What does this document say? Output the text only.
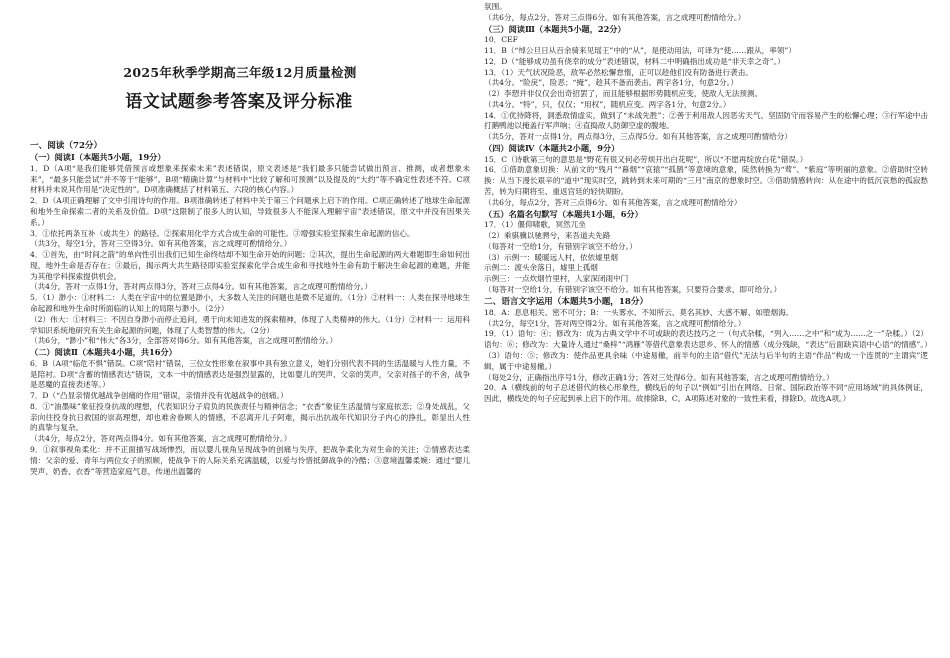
2025年秋季学期高三年级12月质量检测
语文试题参考答案及评分标准

一、阅读（72分）

（一）阅读Ⅰ（本题共5小题，19分）

1．D（A项“是我们能够凭借预言或想象来探索未来”表述错误，原文表述是“我们最多只能尝试做出预言、推测，或者想象未来”，“最多只能尝试”并不等于“能够”。B项“精确计算”与材料中“比较了解和可预测”以及提及的“大约”等不确定性表述不符。C项材料并未说其作用是“决定性的”。D项准确概括了材料第五、六段的核心内容。）

2．D（A项正确理解了文中引用诗句的作用。B项准确转述了材料中关于第三个问题承上启下的作用。C项正确转述了地球生命起源和地外生命探索二者的关系及价值。D项“这限制了很多人的认知，导致很多人不能深入理解宇宙”表述错误，原文中并没有因果关系。）

3．①依托两条互补（或共生）的路径。②探索用化学方式合成生命的可能性。③增强实验室探索生命起源的信心。

（共3分，每空1分，答对三空得3分。如有其他答案，言之成理可酌情给分。）

4．①首先，由“时间之箭”的单向性引出我们已知生命终结却不知生命开始的问题；②其次，提出生命起源的两大难题即生命如何出现，地外生命是否存在；③最后，揭示两大共生路径即实验室探索化学合成生命和寻找地外生命有助于解决生命起源的难题，并能为其他学科探索提供机会。

（共4分，答对一点得1分，答对两点得3分，答对三点得4分。如有其他答案，言之成理可酌情给分。）

5．（1）渺小：①材料二：人类在宇宙中的位置是渺小，大多数人关注的问题也是微不足道的。（1分）②材料一：人类在探寻地球生命起源和地外生命时所面临的认知上的局限与渺小。（2分）

（2）伟大：①材料三：不因自身渺小而停止追问，勇于向未知进发的探索精神，体现了人类精神的伟大。（1分）②材料一：运用科学知识系统地研究有关生命起源的问题，体现了人类智慧的伟大。（2分）

（共6分，“渺小”和“伟大”各3分，全部答对得6分。如有其他答案，言之成理可酌情给分。）

（二）阅读Ⅱ（本题共4小题，共16分）

6．B（A项“临危不惧”错误。C项“陪衬”错误，三位女性形象在叙事中具有独立意义，她们分别代表不同的生活温暖与人性力量，不是陪衬。D项“含蓄的情感表达”错误，文本一中的情感表达是强烈显露的，比如婴儿的哭声、父亲的笑声，父亲对孩子的不舍，战争是恶魔的直接表述等。）

7．D（“凸显亲情优越战争创痛的作用”错误，亲情并没有优越战争的创痛。）

8．①“油墨味”象征投身抗战的理想，代表知识分子肩负的民族责任与精神信念；“衣香”象征生活温情与家庭依恋；②身处战乱，父亲向往投身抗日救国的崇高理想，却也难舍眷顾人的情感，不忍离开儿子阿难，揭示出抗战年代知识分子内心的挣扎，彰显出人性的真挚与复杂。

（共4分，每点2分，答对两点得4分。如有其他答案，言之成理可酌情给分。）

9．①叙事视角柔化：并不正面描写战场惨烈，而以婴儿视角呈现战争的创痛与失序，把战争柔化为对生命的关注；②情感表达柔情：父亲的爱、青年与两位女子的照顾，使战争下的人际关系充满温暖，以爱与怜惜抵御战争的冷酷；③意境温馨柔婉：通过“婴儿哭声、奶香、衣香”等营造家庭气息，传递出温馨的

氛围。

（共6分，每点2分，答对三点得6分。如有其他答案，言之成理可酌情给分。）

（三）阅读Ⅲ（本题共5小题，22分）

10．CEF

11．B（“绰公旦日从百余骑来见瑶王”中的“从”，是使动用法，可译为“使……跟从，率领”）

12．D（“能够成功虽有侥幸的成分”表述错误，材料二中明确指出成功是“非天幸之奇”。）

13．（1）天气状况险恶，敌军必然松懈怠惰，正可以趁他们没有防备进行袭击。

（共4分。“险戾”，险恶；“掩”，趁其不备而袭击。两字各1分，句意2分。）

（2）李愬并非仅仅会出奇招罢了，而且能够根据形势随机应变，使敌人无法预测。

（共4分。“特”，只，仅仅；“用权”，随机应变。两字各1分，句意2分。）

14．①优待降将，洞悉敌情虚实，做到了“未战先胜”；②善于利用敌人因恶劣天气、坚固防守而容易产生的松懈心理；③行军途中击打鹅鸭池以掩盖行军声响；④直捣敌人防御空虚的腹地。

（共5分，答对一点得1分，两点得3分，三点得5分。如有其他答案，言之成理可酌情给分）

（四）阅读Ⅳ（本题共2小题，9分）

15．C（诗歌第三句的意思是“野花有很又何必劳烦开出白花呢”，所以“不愿再绽放白花”错误。）

16．①借助意象切换：从前文的“残月”“暮烟”“哀猿”“孤鹊”等意境的意象，陡然转换为“莺”、“紫庭”等明丽的意象。②借助时空转换：从当下漫长艰辛的“道中”现实时空，跳转到未来可期的“三月”南京的想象时空。③借助情感转向：从在途中的低沉哀愁的孤寂愁苦，转为归期将至、重返宫廷的轻快期盼。

（共6分，每点2分，答对三点得6分。如有其他答案，言之成理可酌情给分）

（五）名篇名句默写（本题共1小题，6分）

17．（1）偃仰啸歌，冥然兀坐

（2）乘骐骥以驰骋兮，来吾道夫先路

（每答对一空给1分，有错别字该空不给分。）

（3）示例一：暖暖远人村，依依墟里烟

示例二：渡头余落日，墟里上孤烟

示例三：一点炊烟竹里村，人家深闭雨中门

（每答对一空给1分，有错别字该空不给分。如有其他答案，只要符合要求，即可给分。）

二、语言文字运用（本题共5小题，18分）

18．A：息息相关、密不可分；B：一头雾水、不知所云、莫名其妙、大惑不解、如堕烟海。

（共2分，每空1分，答对两空得2分。如有其他答案，言之成理可酌情给分。）

19．（1）语句：④；修改为：成为古典文学中不可或缺的表达技巧之一（句式杂糅，“列入……之中”和“成为……之一”杂糅。）（2）语句：⑥；修改为：大量诗人通过“桑梓”“鸿雁”等借代意象表达思乡、怀人的情感（成分残缺，“表达”后面缺宾语中心语“的情感”。）（3）语句：⑤；修改为：使作品更具余味（中途易辙，前半句的主语“借代”无法与后半句的主语“作品”构成一个连贯的“主谓宾”逻辑，属于中途易辙。）

（每处2分，正确指出序号1分，修改正确1分；答对三处得6分。如有其他答案，言之成理可酌情给分。）

20．A（横线前的句子总述借代的核心形象性，横线后的句子以“例如”引出在网络、日常、国际政治等不同“应用场域”的具体例证，因此，横线处的句子应起到承上启下的作用。故排除B、C。A项陈述对象的一致性来看，排除D。故选A项。）
